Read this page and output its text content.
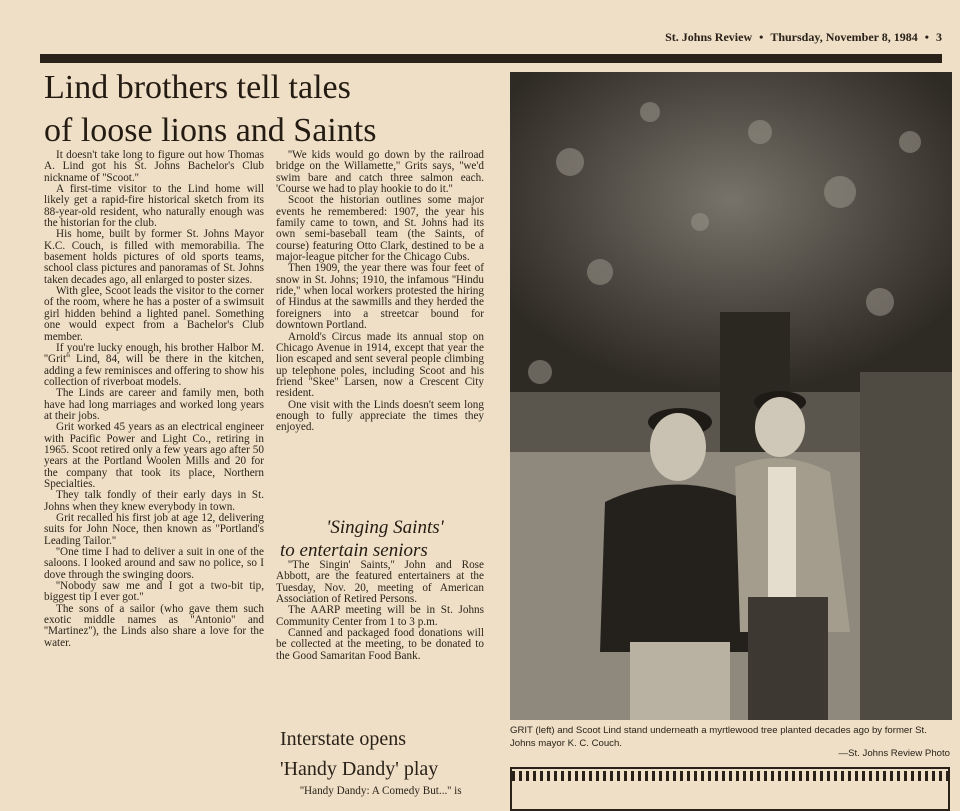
St. Johns Review • Thursday, November 8, 1984 • 3
Lind brothers tell tales
of loose lions and Saints

It doesn't take long to figure out how Thomas A. Lind got his St. Johns Bachelor's Club nickname of ''Scoot.''

A first-time visitor to the Lind home will likely get a rapid-fire historical sketch from its 88-year-old resident, who naturally enough was the historian for the club.

His home, built by former St. Johns Mayor K.C. Couch, is filled with memorabilia. The basement holds pictures of old sports teams, school class pictures and panoramas of St. Johns taken decades ago, all enlarged to poster sizes.

With glee, Scoot leads the visitor to the corner of the room, where he has a poster of a swimsuit girl hidden behind a lighted panel. Something one would expect from a Bachelor's Club member.

If you're lucky enough, his brother Halbor M. ''Grit'' Lind, 84, will be there in the kitchen, adding a few reminisces and offering to show his collection of riverboat models.

The Linds are career and family men, both have had long marriages and worked long years at their jobs.

Grit worked 45 years as an electrical engineer with Pacific Power and Light Co., retiring in 1965. Scoot retired only a few years ago after 50 years at the Portland Woolen Mills and 20 for the company that took its place, Northern Specialties.

They talk fondly of their early days in St. Johns when they knew everybody in town.

Grit recalled his first job at age 12, delivering suits for John Noce, then known as ''Portland's Leading Tailor.''

''One time I had to deliver a suit in one of the saloons. I looked around and saw no police, so I dove through the swinging doors.

''Nobody saw me and I got a two-bit tip, biggest tip I ever got.''

The sons of a sailor (who gave them such exotic middle names as ''Antonio'' and ''Martinez''), the Linds also share a love for the water.

''We kids would go down by the railroad bridge on the Willamette,'' Grits says, ''we'd swim bare and catch three salmon each. 'Course we had to play hookie to do it.''

Scoot the historian outlines some major events he remembered: 1907, the year his family came to town, and St. Johns had its own semi-baseball team (the Saints, of course) featuring Otto Clark, destined to be a major-league pitcher for the Chicago Cubs.

Then 1909, the year there was four feet of snow in St. Johns; 1910, the infamous ''Hindu ride,'' when local workers protested the hiring of Hindus at the sawmills and they herded the foreigners into a streetcar bound for downtown Portland.

Arnold's Circus made its annual stop on Chicago Avenue in 1914, except that year the lion escaped and sent several people climbing up telephone poles, including Scoot and his friend ''Skee'' Larsen, now a Crescent City resident.

One visit with the Linds doesn't seem long enough to fully appreciate the times they enjoyed.

'Singing Saints'
to entertain seniors

''The Singin' Saints,'' John and Rose Abbott, are the featured entertainers at the Tuesday, Nov. 20, meeting of American Association of Retired Persons.

The AARP meeting will be in St. Johns Community Center from 1 to 3 p.m.

Canned and packaged food donations will be collected at the meeting, to be donated to the Good Samaritan Food Bank.

Interstate opens
'Handy Dandy' play

''Handy Dandy: A Comedy But...'' is

GRIT (left) and Scoot Lind stand underneath a myrtlewood tree planted decades ago by former St. Johns mayor K. C. Couch.
—St. Johns Review Photo
